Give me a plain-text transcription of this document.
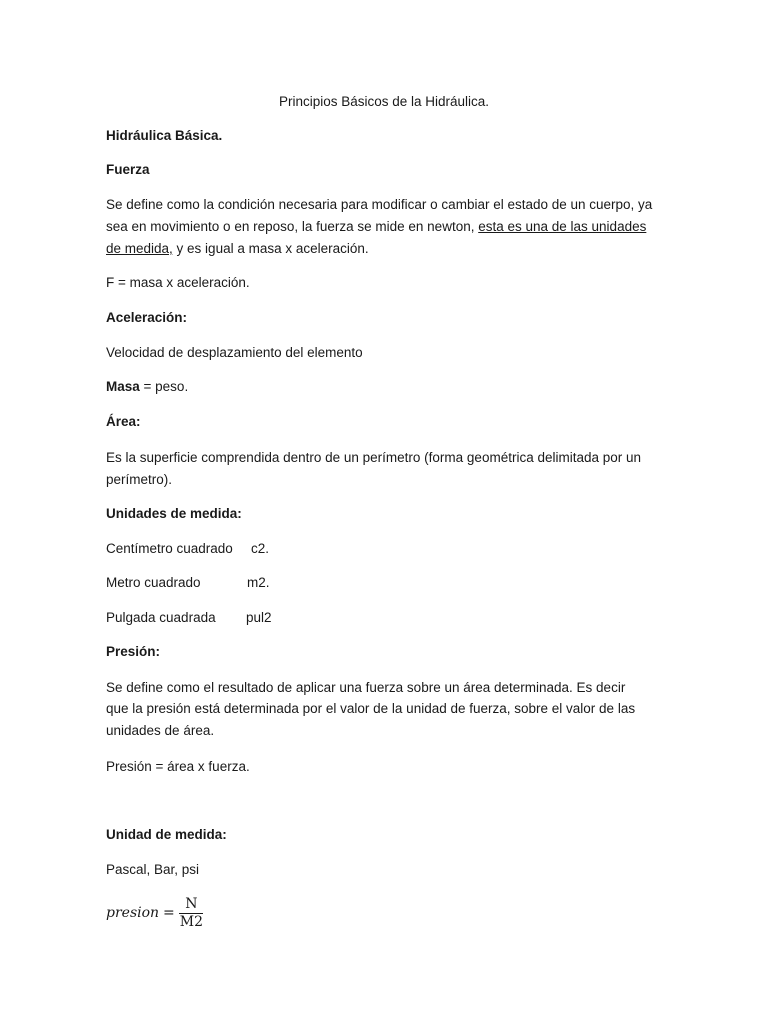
Principios Básicos de la Hidráulica.
Hidráulica Básica.
Fuerza
Se define como la condición necesaria para modificar o cambiar el estado de un cuerpo, ya
sea en movimiento o en reposo, la fuerza se mide en newton, esta es una de las unidades
de medida, y es igual a masa x aceleración.
F = masa x aceleración.
Aceleración:
Velocidad de desplazamiento del elemento
Masa = peso.
Área:
Es la superficie comprendida dentro de un perímetro (forma geométrica delimitada por un
perímetro).
Unidades de medida:
Centímetro cuadrado c2.
Metro cuadrado	m2.
Pulgada cuadrada pul2
Presión:
Se define como el resultado de aplicar una fuerza sobre un área determinada. Es decir
que la presión está determinada por el valor de la unidad de fuerza, sobre el valor de las
unidades de área.
Presión = área x fuerza.
Unidad de medida:
Pascal, Bar, psi
presion = $\frac{N}{M2}$
